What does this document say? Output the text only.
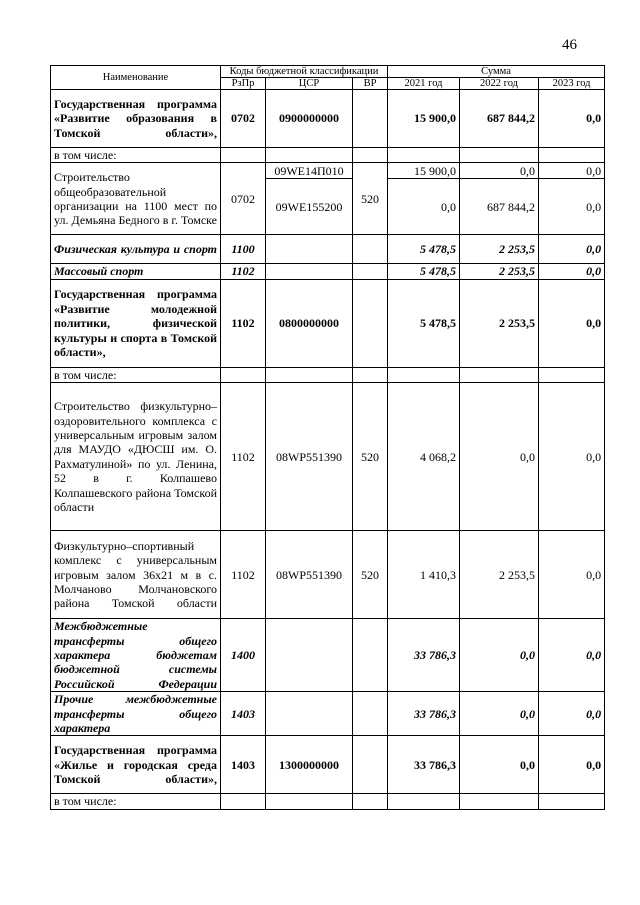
46
Наименование	Коды бюджетной классификации			Сумма		
	РзПр	ЦСР	ВР	2021 год	2022 год	2023 год
Государственная программа «Развитие образования в Томской области»,	0702	0900000000		15 900,0	687 844,2	0,0
в том числе:						
Строительство общеобразовательной организации на 1100 мест по ул. Демьяна Бедного в г. Томске	0702	09WE14П010	520	15 900,0	0,0	0,0
		09WE155200		0,0	687 844,2	0,0
Физическая культура и спорт	1100			5 478,5	2 253,5	0,0
Массовый спорт	1102			5 478,5	2 253,5	0,0
Государственная программа «Развитие молодежной политики, физической культуры и спорта в Томской области»,	1102	0800000000		5 478,5	2 253,5	0,0
в том числе:						
Строительство физкультурно–оздоровительного комплекса с универсальным игровым залом для МАУДО «ДЮСШ им. О. Рахматулиной» по ул. Ленина, 52 в г. Колпашево Колпашевского района Томской области	1102	08WP551390	520	4 068,2	0,0	0,0
Физкультурно–спортивный комплекс с универсальным игровым залом 36х21 м в с. Молчаново Молчановского района Томской области	1102	08WP551390	520	1 410,3	2 253,5	0,0
Межбюджетные трансферты общего характера бюджетам бюджетной системы Российской Федерации	1400			33 786,3	0,0	0,0
Прочие межбюджетные трансферты общего характера	1403			33 786,3	0,0	0,0
Государственная программа «Жилье и городская среда Томской области»,	1403	1300000000		33 786,3	0,0	0,0
в том числе:						
